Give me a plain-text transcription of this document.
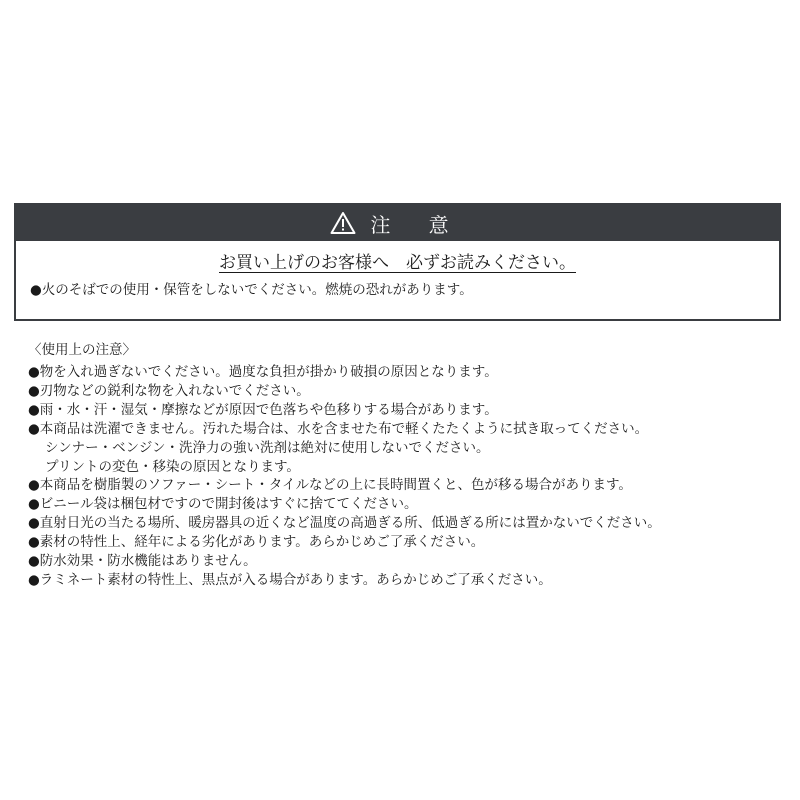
注 意
お買い上げのお客様へ　必ずお読みください。
●火のそばでの使用・保管をしないでください。燃焼の恐れがあります。
〈使用上の注意〉
●物を入れ過ぎないでください。過度な負担が掛かり破損の原因となります。
●刃物などの鋭利な物を入れないでください。
●雨・水・汗・湿気・摩擦などが原因で色落ちや色移りする場合があります。
●本商品は洗濯できません。汚れた場合は、水を含ませた布で軽くたたくように拭き取ってください。
シンナー・ベンジン・洗浄力の強い洗剤は絶対に使用しないでください。
プリントの変色・移染の原因となります。
●本商品を樹脂製のソファー・シート・タイルなどの上に長時間置くと、色が移る場合があります。
●ビニール袋は梱包材ですので開封後はすぐに捨ててください。
●直射日光の当たる場所、暖房器具の近くなど温度の高過ぎる所、低過ぎる所には置かないでください。
●素材の特性上、経年による劣化があります。あらかじめご了承ください。
●防水効果・防水機能はありません。
●ラミネート素材の特性上、黒点が入る場合があります。あらかじめご了承ください。
